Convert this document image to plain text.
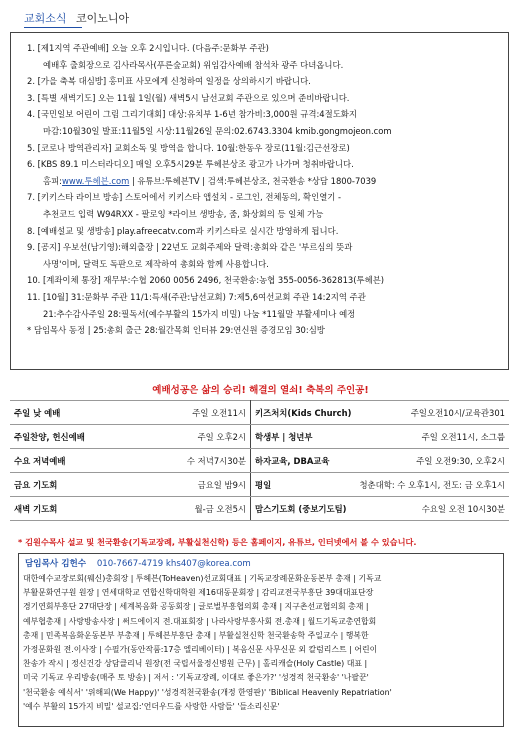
교회소식 코이노니아
1. [제1지역 주관예배] 오늘 오후 2시입니다. (다음주:문화부 주관)
예배후 출회장으로 김사라목사(푸른숲교회) 위임감사예배 참석차 광주 다녀옵니다.
2. [가을 축복 대심방] 홍미표 사모에게 신청하여 일정을 상의하시기 바랍니다.
3. [특별 새벽기도] 오는 11월 1일(월) 새벽5시 남선교회 주관으로 있으며 준비바랍니다.
4. [국민일보 어린이 그림 그리기대회] 대상:유치부 1-6년 참가비:3,000원 규격:4절도화지
마감:10월30일 발표:11월5일 시상:11월26일 문의:02.6743.3304 kmib.gongmojeon.com
5. [코로나 방역관리자] 교회소독 및 방역을 합니다. 10월:한동우 장로(11월:김근선장로)
6. [KBS 89.1 미스터라디오] 매일 오후5시29분 투헤븐상조 광고가 나가며 청취바랍니다.
홈피:www.투헤븐.com | 유튜브:투헤븐TV | 검색:투헤븐상조, 천국환송 *상담 1800-7039
7. [키키스타 라이브 방송] 스토어에서 키키스타 앱설치 - 로그인, 전체동의, 확인열기 -
추천코드 입력 W94RXX - 팔로잉 *라이브 생방송, 줌, 화상회의 등 일체 가능
8. [예배설교 및 생방송] play.afreecatv.com과 키키스타로 실시간 방영하게 됩니다.
9. [공지] 우보선(남기영):해외출장 | 22년도 교회주제와 달력:총회와 같은 '부르심의 뜻과
사명'이며, 달력도 독판으로 제작하여 총회와 함께 사용합니다.
10. [계좌이체 통장] 재무부:수협 2060 0056 2496, 천국환송:농협 355-0056-362813(투헤븐)
11. [10월] 31:문화부 주관 11/1:특새(주관:남선교회) 7:제5,6여선교회 주관 14:2지역 주관
21:추수감사주일 28:필독서(예수부활의 15가지 비밀) 나눔 *11월말 부활세미나 예정
* 담임목사 동정 | 25:총회 출근 28:월간목회 인터뷰 29:연신원 증경모임 30:심방
예배성공은 삶의 승리! 해결의 열쇠! 축복의 주인공!
주일 낮 예배	주일 오전11시	키즈처치(Kids Church)	주일오전10시/교육관301
주일찬양, 헌신예배	주일 오후2시	학생부 | 청년부	주일 오전11시, 소그룹
수요 저녁예배	수 저녁7시30분	하자교육, DBA교육	주일 오전9:30, 오후2시
금요 기도회	금요일 밤9시	평일	청춘대학: 수 오후1시, 전도: 금 오후1시
새벽 기도회	월-금 오전5시	맘스기도회 (중보기도팀)	수요일 오전 10시30분
* 김원수목사 설교 및 천국환송(기독교장례, 부활실천신학) 등은 홈페이지, 유튜브, 인터넷에서 볼 수 있습니다.
담임목사 김헌수 010-7667-4719 khs407@korea.com
대한예수교장로회(웨신)총회장 | 투헤븐(ToHeaven)선교회대표 | 기독교장례문화운동본부 총재 | 기독교
부활문화연구원 원장 | 연세대학교 연합신학대학원 제16대동문회장 | 감리교전국부흥단 39대대표단장
경기연회부흥단 27대단장 | 세계복음화 공동회장 | 글로벌부흥협의회 총재 | 지구촌선교협의회 총재 |
예부협총재 | 사랑방송사장 | 써드에이지 전.대표회장 | 나라사랑부흥사회 전.총재 | 월드기독교총연합회
총재 | 민족복음화운동본부 부총재 | 투헤븐부흥단 총재 | 부활실천신학 천국환송학 주일교수 | 행복한
가정문화원 전.이사장 | 수필가(동안작품:17층 엘리베이터) | 복음신문 사무신문 외 칼럼리스트 | 어린이
찬송가 작시 | 정신건강 상담클리닉 원장(전 국립서울정신병원 근무) | 홀리캐슬(Holy Castle) 대표 |
미국 기독교 우리방송(매주 토 방송) | 저서 : '기독교장례, 이대로 좋은가?' '성경적 천국환송' '나팔꾼'
'천국환송 예식서' '위해피(We Happy)' '성경적천국환송(개정 한영판)' 'Biblical Heavenly Repatriation'
'예수 부활의 15가지 비밀' 설교집:'언더우드를 사랑한 사람들' '들소리신문'
